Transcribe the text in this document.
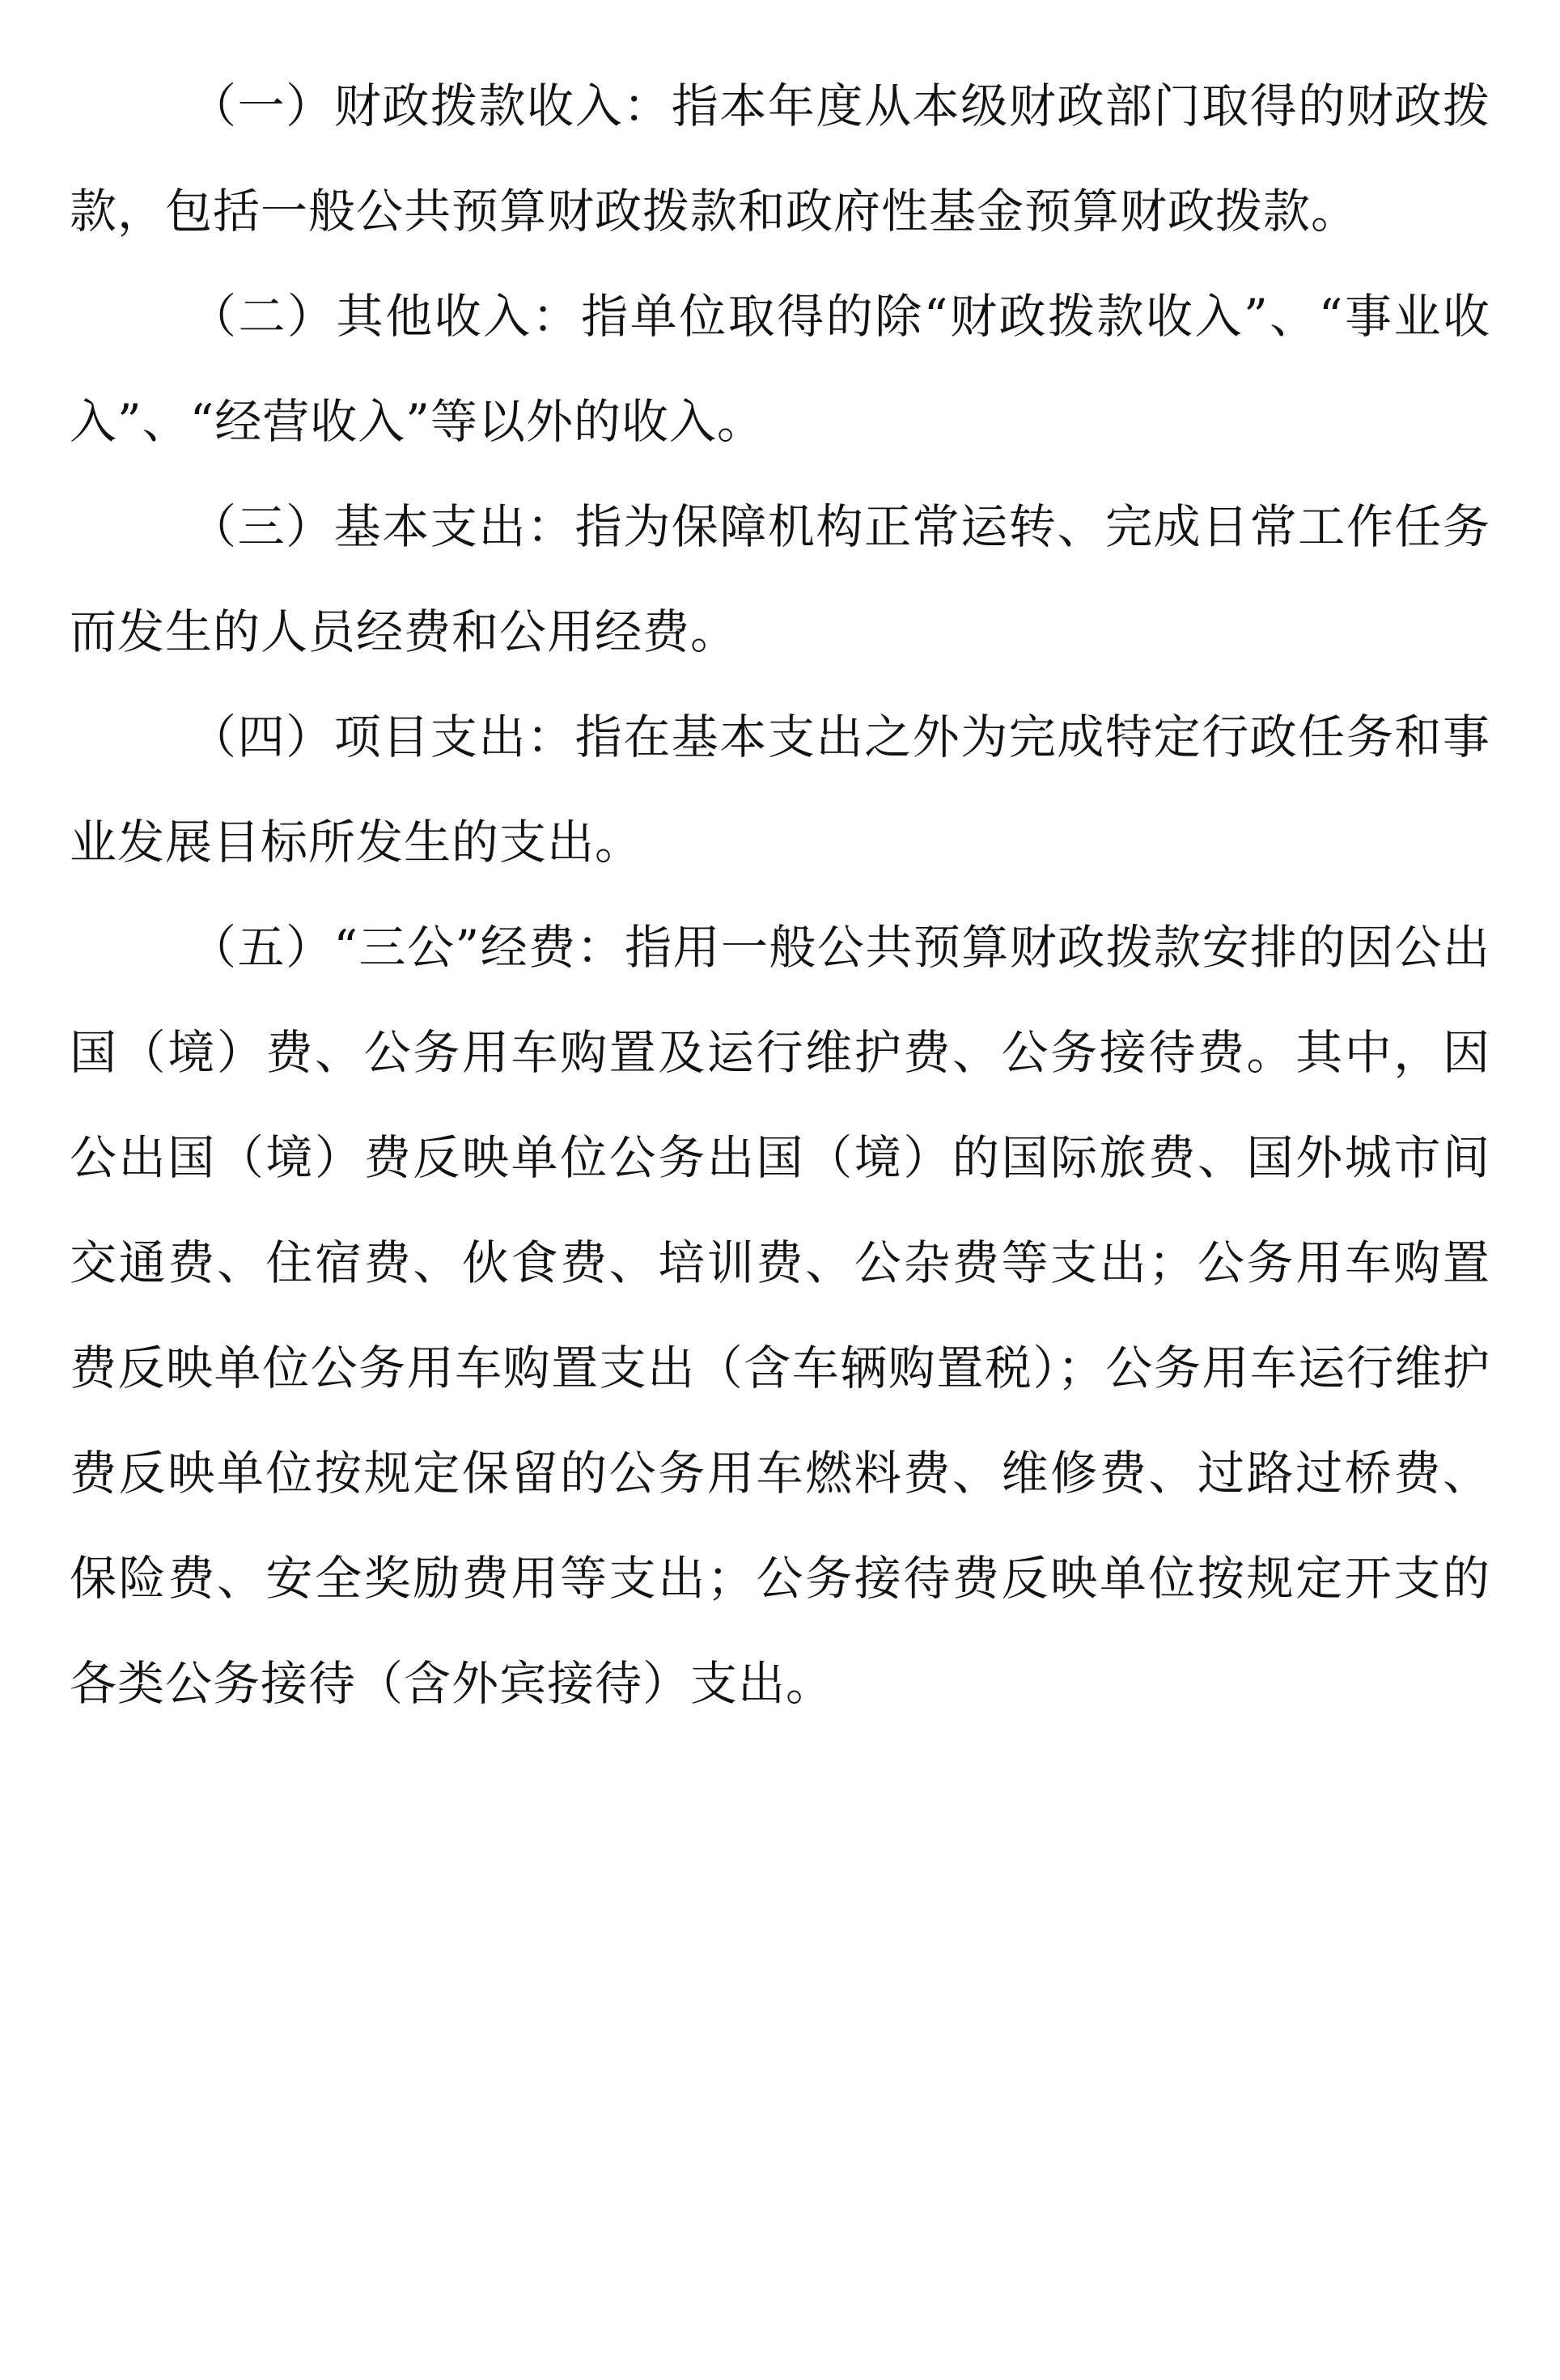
（一）财政拨款收入：指本年度从本级财政部门取得的财政拨款，包括一般公共预算财政拨款和政府性基金预算财政拨款。

（二）其他收入：指单位取得的除“财政拨款收入”、“事业收入”、“经营收入”等以外的收入。

（三）基本支出：指为保障机构正常运转、完成日常工作任务而发生的人员经费和公用经费。

（四）项目支出：指在基本支出之外为完成特定行政任务和事业发展目标所发生的支出。

（五）“三公”经费：指用一般公共预算财政拨款安排的因公出国（境）费、公务用车购置及运行维护费、公务接待费。其中，因公出国（境）费反映单位公务出国（境）的国际旅费、国外城市间交通费、住宿费、伙食费、培训费、公杂费等支出；公务用车购置费反映单位公务用车购置支出（含车辆购置税）；公务用车运行维护费反映单位按规定保留的公务用车燃料费、维修费、过路过桥费、保险费、安全奖励费用等支出；公务接待费反映单位按规定开支的各类公务接待（含外宾接待）支出。
